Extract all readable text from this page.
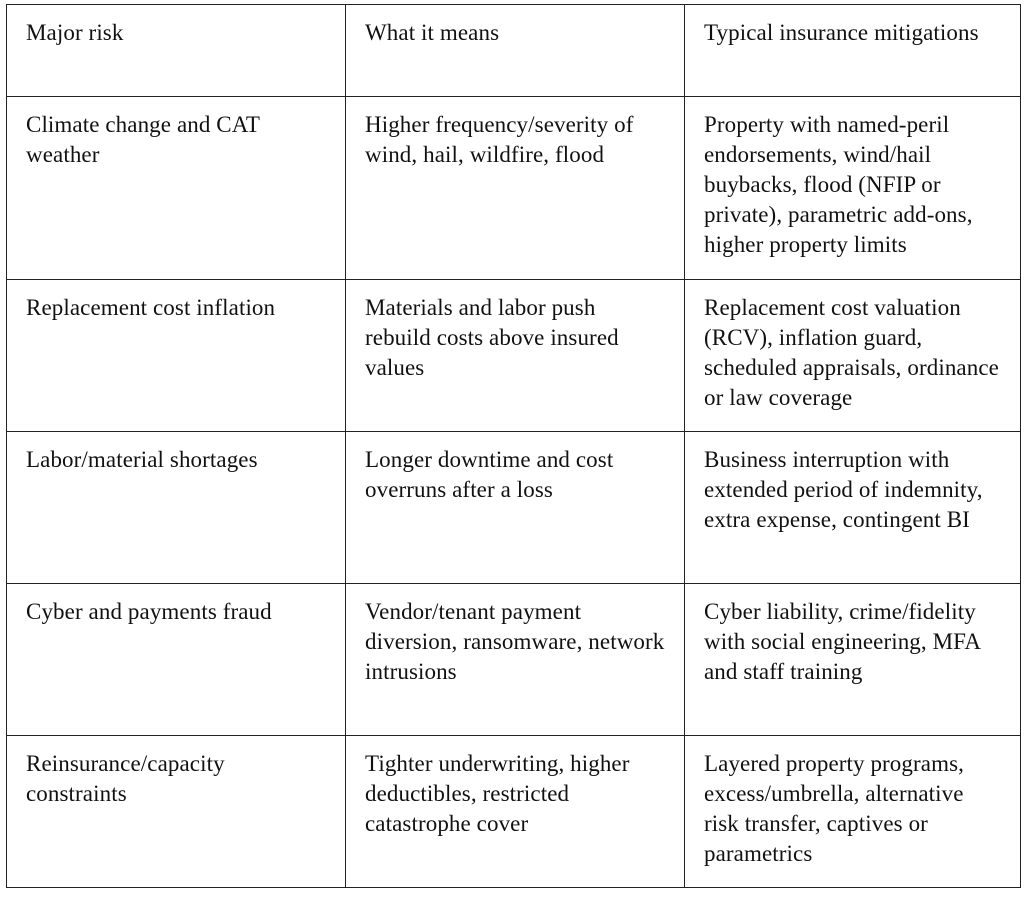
Major risk	What it means	Typical insurance mitigations
Climate change and CAT weather	Higher frequency/severity of wind, hail, wildfire, flood	Property with named-peril endorsements, wind/hail buybacks, flood (NFIP or private), parametric add-ons, higher property limits
Replacement cost inflation	Materials and labor push rebuild costs above insured values	Replacement cost valuation (RCV), inflation guard, scheduled appraisals, ordinance or law coverage
Labor/material shortages	Longer downtime and cost overruns after a loss	Business interruption with extended period of indemnity, extra expense, contingent BI
Cyber and payments fraud	Vendor/tenant payment diversion, ransomware, network intrusions	Cyber liability, crime/fidelity with social engineering, MFA and staff training
Reinsurance/capacity constraints	Tighter underwriting, higher deductibles, restricted catastrophe cover	Layered property programs, excess/umbrella, alternative risk transfer, captives or parametrics
